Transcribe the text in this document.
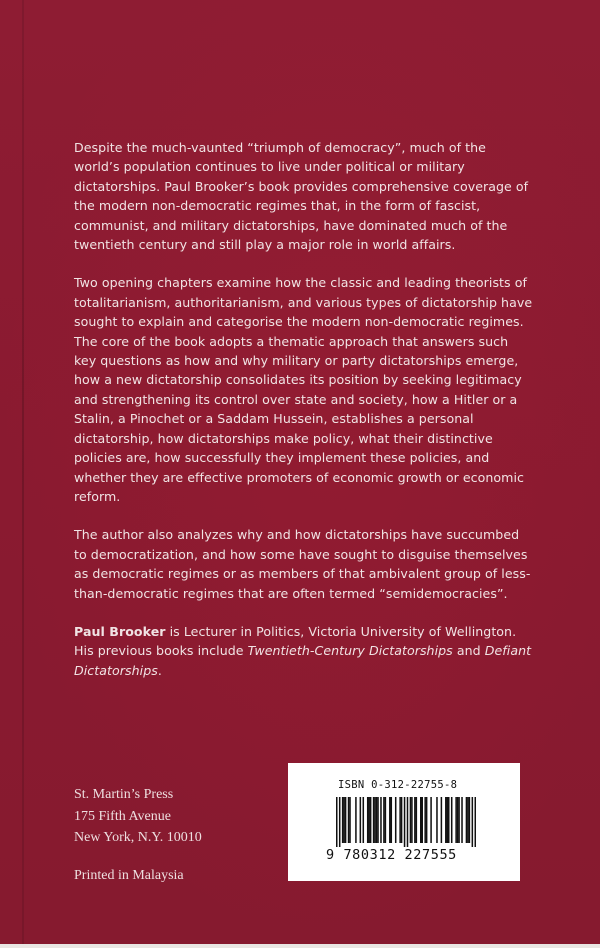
Despite the much-vaunted “triumph of democracy”, much of the world’s population continues to live under political or military dictatorships. Paul Brooker’s book provides comprehensive coverage of the modern non-democratic regimes that, in the form of fascist, communist, and military dictatorships, have dominated much of the twentieth century and still play a major role in world affairs.

Two opening chapters examine how the classic and leading theorists of totalitarianism, authoritarianism, and various types of dictatorship have sought to explain and categorise the modern non-democratic regimes. The core of the book adopts a thematic approach that answers such key questions as how and why military or party dictatorships emerge, how a new dictatorship consolidates its position by seeking legitimacy and strengthening its control over state and society, how a Hitler or a Stalin, a Pinochet or a Saddam Hussein, establishes a personal dictatorship, how dictatorships make policy, what their distinctive policies are, how successfully they implement these policies, and whether they are effective promoters of economic growth or economic reform.

The author also analyzes why and how dictatorships have succumbed to democratization, and how some have sought to disguise themselves as democratic regimes or as members of that ambivalent group of less-than-democratic regimes that are often termed “semidemocracies”.

Paul Brooker is Lecturer in Politics, Victoria University of Wellington. His previous books include Twentieth-Century Dictatorships and Defiant Dictatorships.

St. Martin’s Press
175 Fifth Avenue
New York, N.Y. 10010
Printed in Malaysia
ISBN 0-312-22755-8
9 780312 227555
